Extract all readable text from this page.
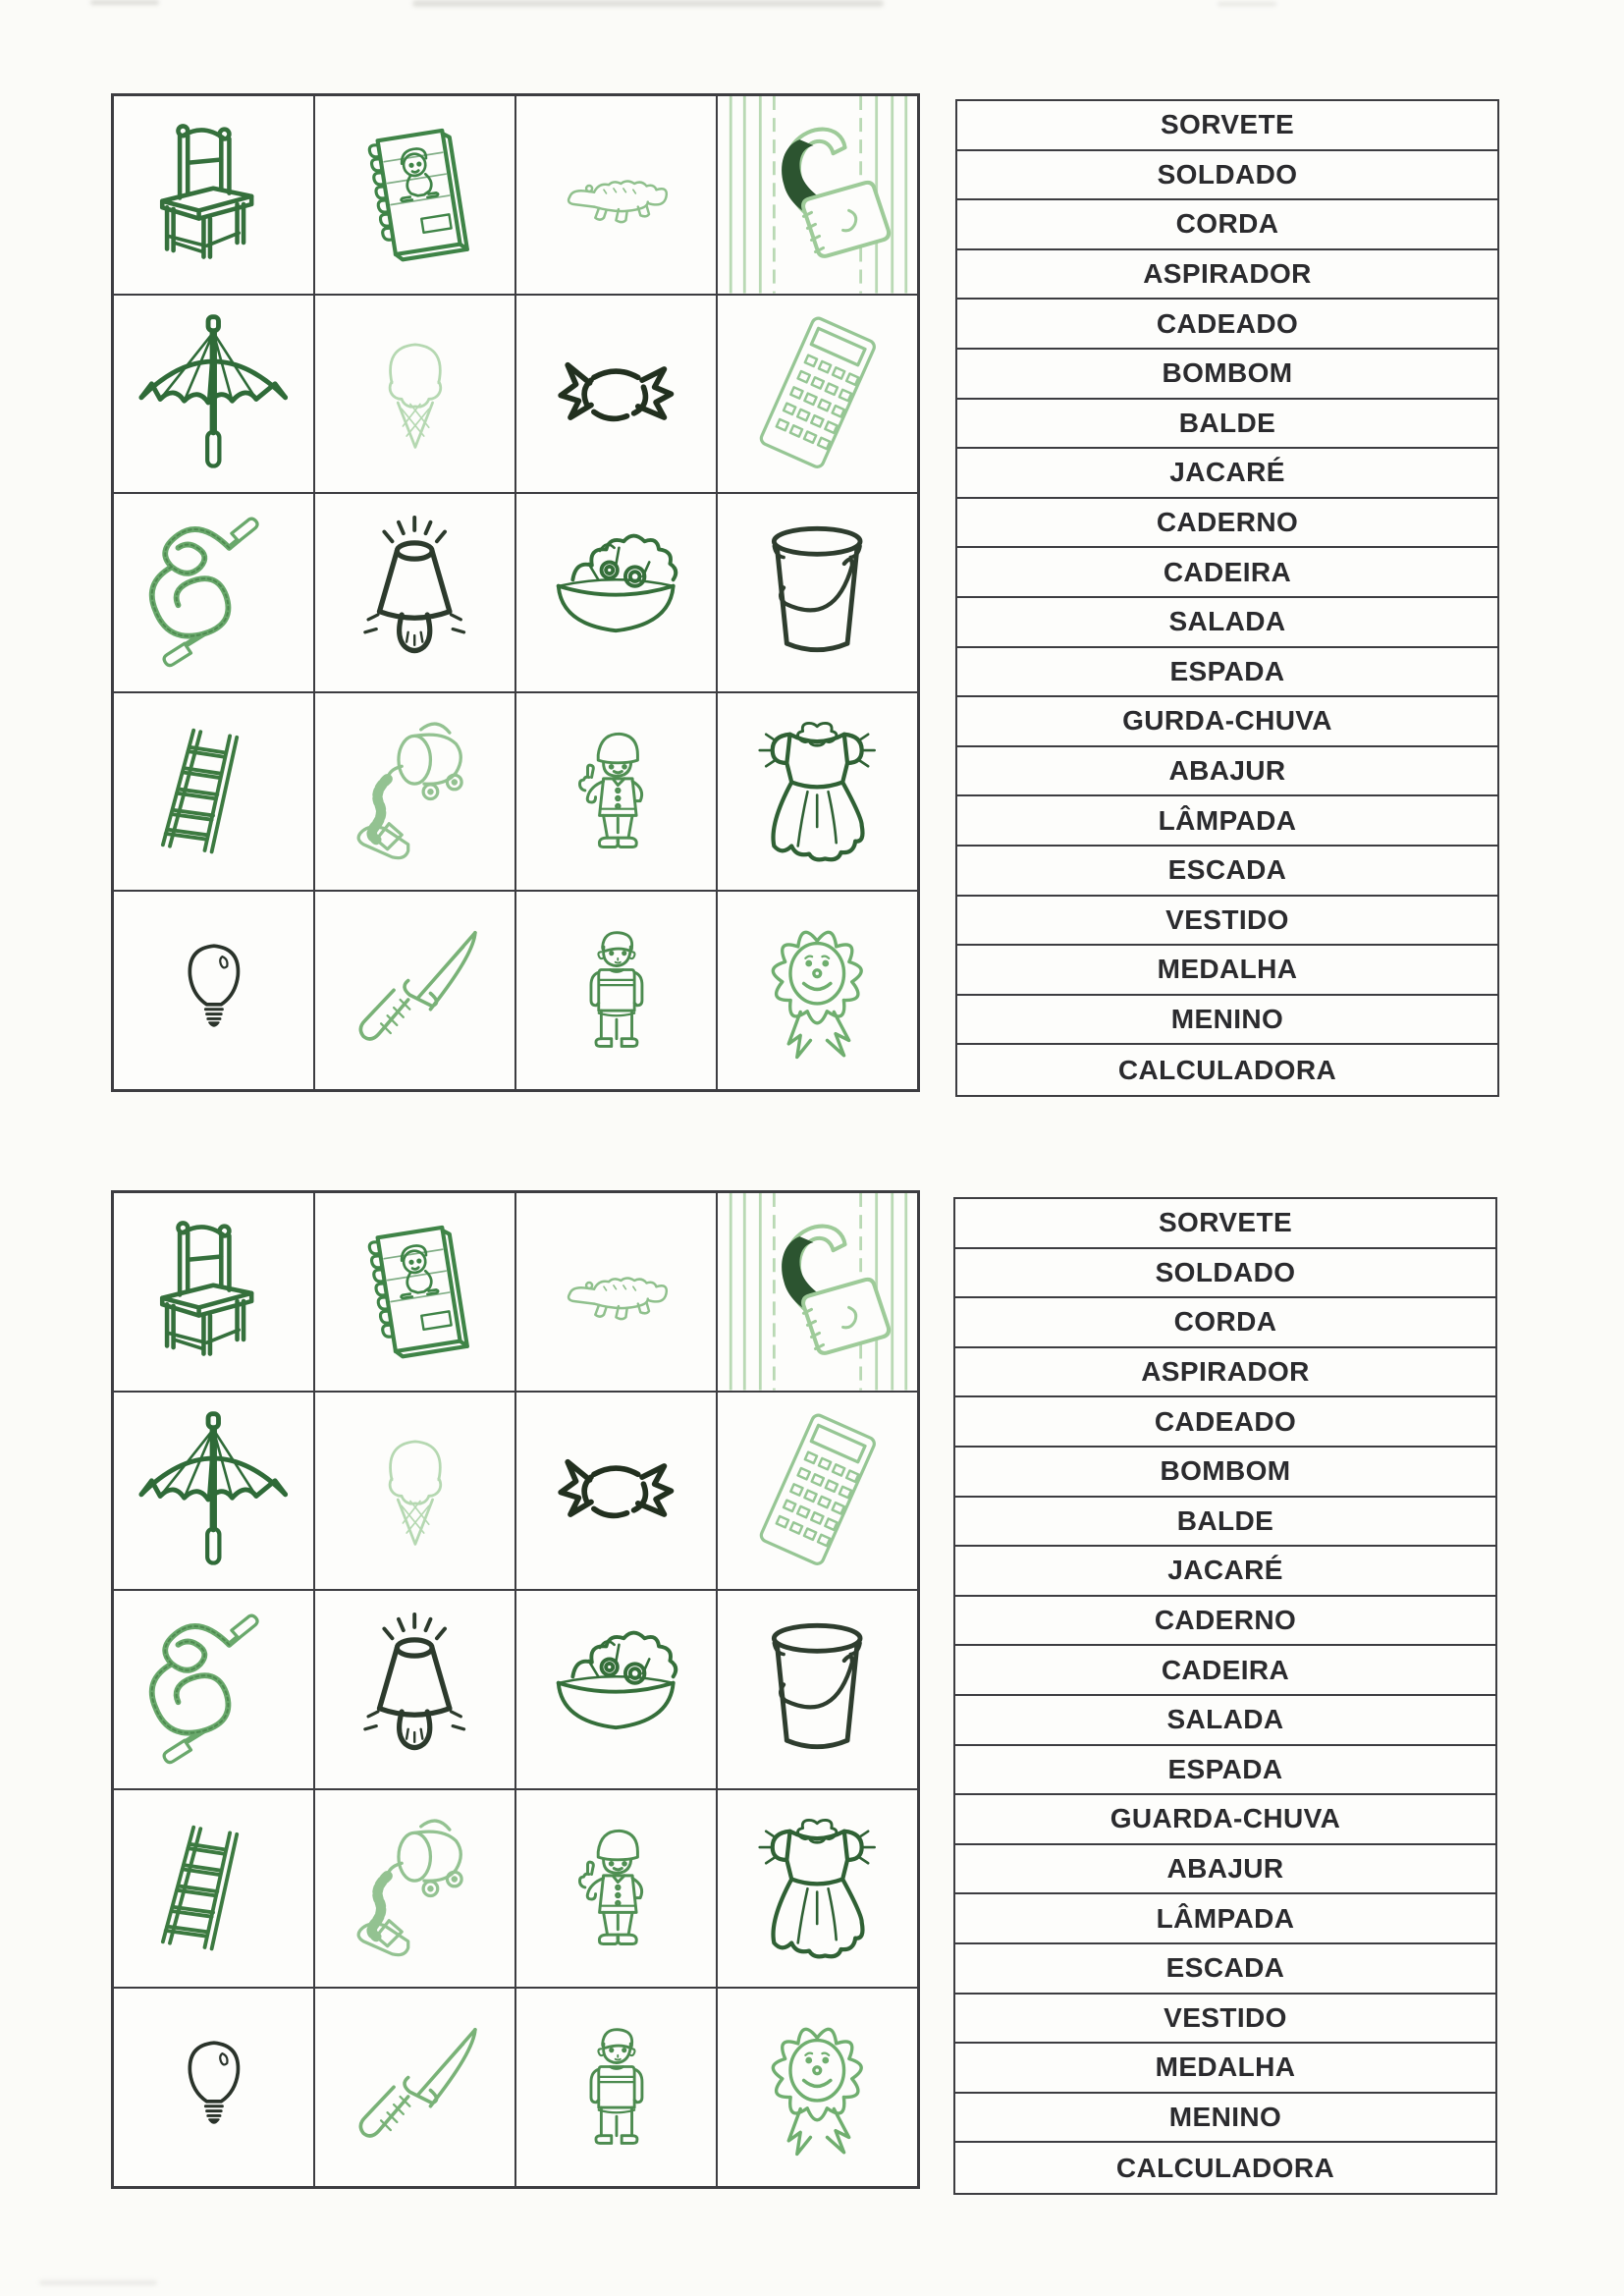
SORVETE
SOLDADO
CORDA
ASPIRADOR
CADEADO
BOMBOM
BALDE
JACARÉ
CADERNO
CADEIRA
SALADA
ESPADA
GURDA-CHUVA
ABAJUR
LÂMPADA
ESCADA
VESTIDO
MEDALHA
MENINO
CALCULADORA
SORVETE
SOLDADO
CORDA
ASPIRADOR
CADEADO
BOMBOM
BALDE
JACARÉ
CADERNO
CADEIRA
SALADA
ESPADA
GUARDA-CHUVA
ABAJUR
LÂMPADA
ESCADA
VESTIDO
MEDALHA
MENINO
CALCULADORA
